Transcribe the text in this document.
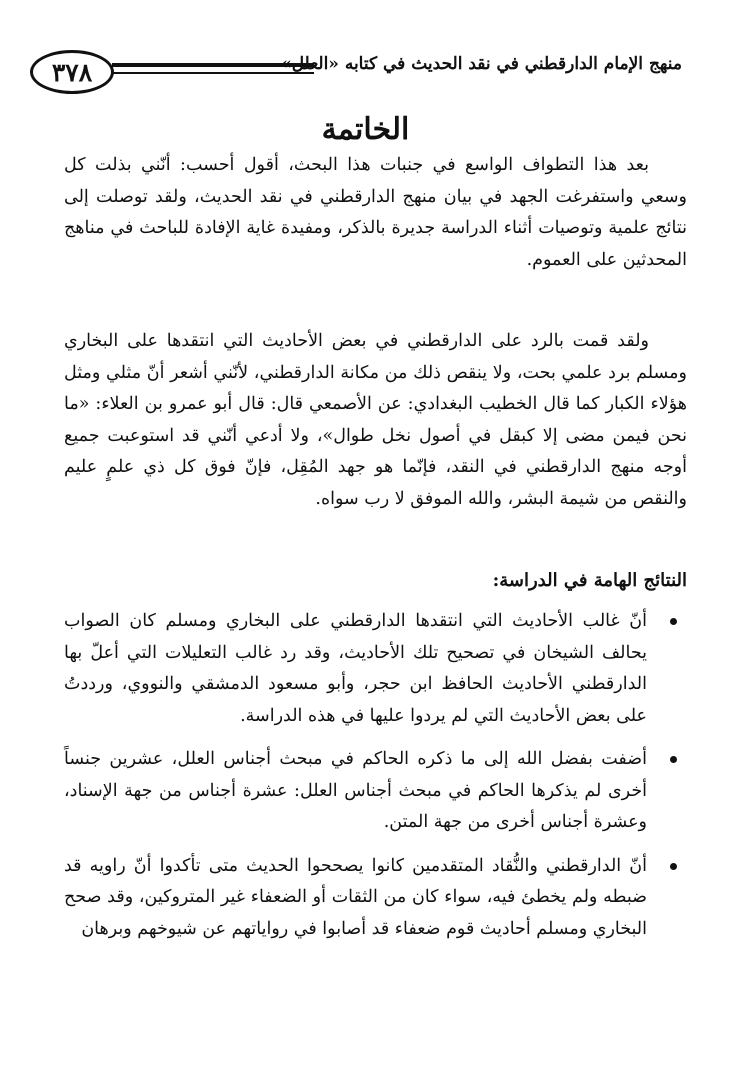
٣٧٨	منهج الإمام الدارقطني في نقد الحديث في كتابه «العلل»
الخاتمة

بعد هذا التطواف الواسع في جنبات هذا البحث، أقول أحسب: أنّني بذلت كل وسعي واستفرغت الجهد في بيان منهج الدارقطني في نقد الحديث، ولقد توصلت إلى نتائج علمية وتوصيات أثناء الدراسة جديرة بالذكر، ومفيدة غاية الإفادة للباحث في مناهج المحدثين على العموم.

ولقد قمت بالرد على الدارقطني في بعض الأحاديث التي انتقدها على البخاري ومسلم برد علمي بحت، ولا ينقص ذلك من مكانة الدارقطني، لأنّني أشعر أنّ مثلي ومثل هؤلاء الكبار كما قال الخطيب البغدادي: عن الأصمعي قال: قال أبو عمرو بن العلاء: «ما نحن فيمن مضى إلا كبقل في أصول نخل طوال»، ولا أدعي أنّني قد استوعبت جميع أوجه منهج الدارقطني في النقد، فإنّما هو جهد المُقِل، فإنّ فوق كل ذي علمٍ عليم والنقص من شيمة البشر، والله الموفق لا رب سواه.

النتائج الهامة في الدراسة:
أنّ غالب الأحاديث التي انتقدها الدارقطني على البخاري ومسلم كان الصواب يحالف الشيخان في تصحيح تلك الأحاديث، وقد رد غالب التعليلات التي أعلّ بها الدارقطني الأحاديث الحافظ ابن حجر، وأبو مسعود الدمشقي والنووي، ورددتُ على بعض الأحاديث التي لم يردوا عليها في هذه الدراسة.
أضفت بفضل الله إلى ما ذكره الحاكم في مبحث أجناس العلل، عشرين جنساً أخرى لم يذكرها الحاكم في مبحث أجناس العلل: عشرة أجناس من جهة الإسناد، وعشرة أجناس أخرى من جهة المتن.
أنّ الدارقطني والنُّقاد المتقدمين كانوا يصححوا الحديث متى تأكدوا أنّ راويه قد ضبطه ولم يخطئ فيه، سواء كان من الثقات أو الضعفاء غير المتروكين، وقد صحح البخاري ومسلم أحاديث قوم ضعفاء قد أصابوا في رواياتهم عن شيوخهم وبرهان
